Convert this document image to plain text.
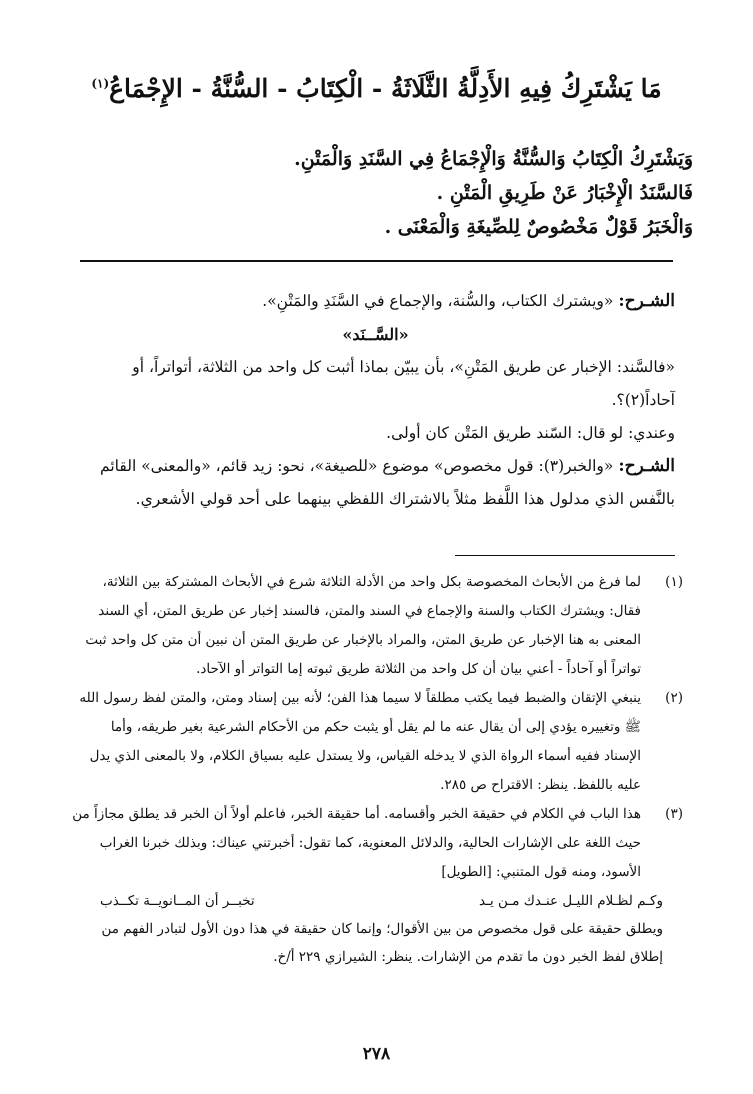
مَا يَشْتَرِكُ فِيهِ الأَدِلَّةُ الثَّلَاثَةُ - الْكِتَابُ - السُّنَّةُ - الإِجْمَاعُ$^{(١)}$
وَيَشْتَرِكُ الْكِتَابُ وَالسُّنَّةُ وَالْإِجْمَاعُ فِي السَّنَدِ وَالْمَتْنِ.
فَالسَّنَدُ الْإِخْبَارُ عَنْ طَرِيقِ الْمَتْنِ .
وَالْخَبَرُ قَوْلٌ مَخْصُوصٌ لِلصِّيغَةِ وَالْمَعْنَى .

الشـرح: «ويشترك الكتاب، والسُّنة، والإجماع في السَّنَدِ والمَتْنِ».

«السَّــنَد»

«فالسَّند: الإخبار عن طريق المَتْنِ»، بأن يبيّن بماذا أثبت كل واحد من الثلاثة، أتواتراً، أو آحاداً(٢)؟.

وعندي: لو قال: السّند طريق المَتْن كان أولى.

الشـرح: «والخبر(٣): قول مخصوص» موضوع «للصيغة»، نحو: زيد قائم، «والمعنى» القائم بالنَّفس الذي مدلول هذا اللَّفظ مثلاً بالاشتراك اللفظي بينهما على أحد قولي الأشعري.

(١)
لما فرغ من الأبحاث المخصوصة بكل واحد من الأدلة الثلاثة شرع في الأبحاث المشتركة بين الثلاثة، فقال: ويشترك الكتاب والسنة والإجماع في السند والمتن، فالسند إخبار عن طريق المتن، أي السند المعنى به هنا الإخبار عن طريق المتن، والمراد بالإخبار عن طريق المتن أن نبين أن متن كل واحد ثبت تواتراً أو آحاداً - أعني بيان أن كل واحد من الثلاثة طريق ثبوته إما التواتر أو الآحاد.

(٢)
ينبغي الإتقان والضبط فيما يكتب مطلقاً لا سيما هذا الفن؛ لأنه بين إسناد ومتن، والمتن لفظ رسول الله ﷺ وتغييره يؤدي إلى أن يقال عنه ما لم يقل أو يثبت حكم من الأحكام الشرعية بغير طريقه، وأما الإسناد ففيه أسماء الرواة الذي لا يدخله القياس، ولا يستدل عليه بسياق الكلام، ولا بالمعنى الذي يدل عليه باللفظ. ينظر: الاقتراح ص ٢٨٥.

(٣)
هذا الباب في الكلام في حقيقة الخبر وأقسامه. أما حقيقة الخبر، فاعلم أولاً أن الخبر قد يطلق مجازاً من حيث اللغة على الإشارات الحالية، والدلائل المعنوية، كما تقول: أخبرتني عيناك: وبذلك خبرنا الغراب الأسود، ومنه قول المتنبي: [الطويل]

وكـم لظـلام الليـل عنـدك مـن يـد
تخبــر أن المــانويــة تكــذب

ويطلق حقيقة على قول مخصوص من بين الأقوال؛ وإنما كان حقيقة في هذا دون الأول لتبادر الفهم من إطلاق لفظ الخبر دون ما تقدم من الإشارات. ينظر: الشيرازي ٢٢٩ أ/خ.

٢٧٨
